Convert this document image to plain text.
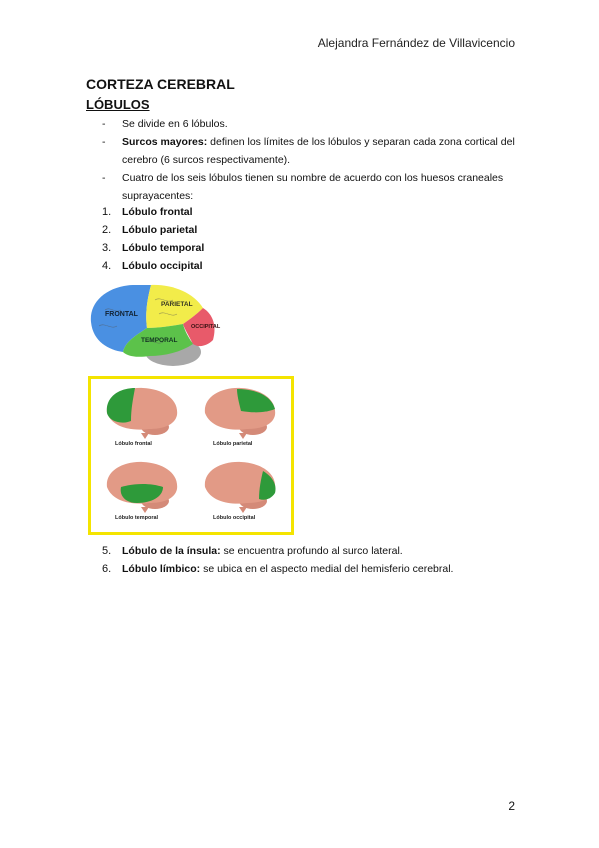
Alejandra Fernández de Villavicencio
CORTEZA CEREBRAL
LÓBULOS
- Se divide en 6 lóbulos.
- Surcos mayores: definen los límites de los lóbulos y separan cada zona cortical del cerebro (6 surcos respectivamente).
- Cuatro de los seis lóbulos tienen su nombre de acuerdo con los huesos craneales suprayacentes:
1. Lóbulo frontal
2. Lóbulo parietal
3. Lóbulo temporal
4. Lóbulo occipital
FRONTAL
PARIETAL
TEMPORAL
OCCIPITAL
Lóbulo frontal	Lóbulo parietal
Lóbulo temporal	Lóbulo occipital
5. Lóbulo de la ínsula: se encuentra profundo al surco lateral.
6. Lóbulo límbico: se ubica en el aspecto medial del hemisferio cerebral.
2
